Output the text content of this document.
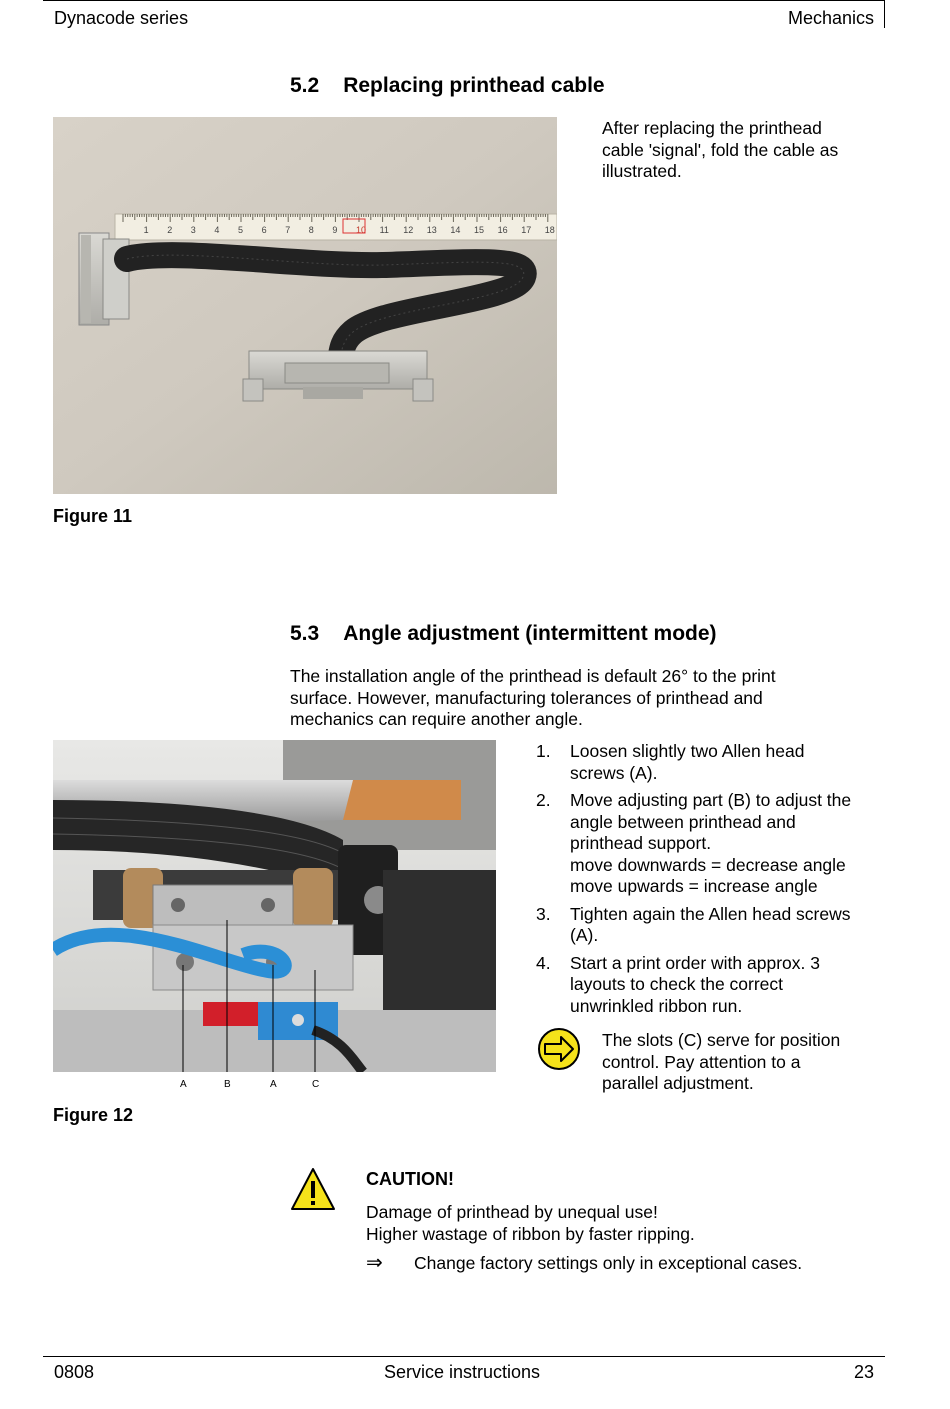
Dynacode series	Mechanics
5.2 Replacing printhead cable
1 2 3 4 5 6 7 8 9 10 11 12 13 14 15 16 17 18
After replacing the printhead
cable 'signal', fold the cable as
illustrated.
Figure 11
5.3 Angle adjustment (intermittent mode)
The installation angle of the printhead is default 26° to the print
surface. However, manufacturing tolerances of printhead and
mechanics can require another angle.
A	B	A	C
1. Loosen slightly two Allen head
screws (A).
2. Move adjusting part (B) to adjust the
angle between printhead and
printhead support.
move downwards = decrease angle
move upwards = increase angle
3. Tighten again the Allen head screws
(A).
4. Start a print order with approx. 3
layouts to check the correct
unwrinkled ribbon run.
The slots (C) serve for position
control. Pay attention to a
parallel adjustment.
Figure 12
CAUTION!
Damage of printhead by unequal use!
Higher wastage of ribbon by faster ripping.
⇒ Change factory settings only in exceptional cases.
0808	Service instructions	23
